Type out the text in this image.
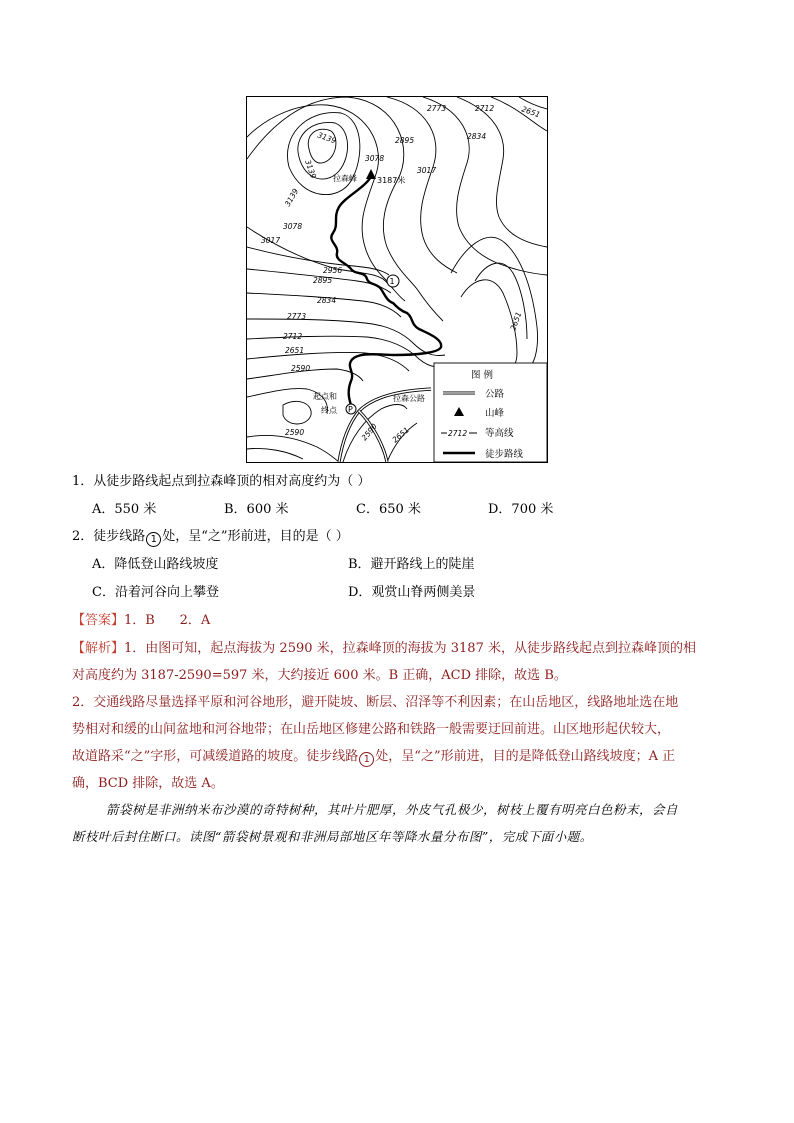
拉森峰	3187米
1
P
起点和
终点
拉森公路
3139
3139
3139
3078
3078
3017
3017
2956
2895
2895
2834
2834
2773
2773
2712
2712
2651
2651
2651
2590
2590	2590 2651
图 例
公路
山峰
2712 等高线
徒步路线
1．从徒步路线起点到拉森峰顶的相对高度约为（ ）
A．550 米	B．600 米	C．650 米	D．700 米
2．徒步线路 1 处，呈“之”形前进，目的是（ ）
A．降低登山路线坡度	B．避开路线上的陡崖
C．沿着河谷向上攀登	D．观赏山脊两侧美景
【答案】1．B      2．A
【解析】1．由图可知，起点海拔为 2590 米，拉森峰顶的海拔为 3187 米，从徒步路线起点到拉森峰顶的相
对高度约为 3187-2590=597 米，大约接近 600 米。B 正确，ACD 排除，故选 B。
2．交通线路尽量选择平原和河谷地形，避开陡坡、断层、沼泽等不利因素；在山岳地区，线路地址选在地
势相对和缓的山间盆地和河谷地带；在山岳地区修建公路和铁路一般需要迂回前进。山区地形起伏较大，
故道路采“之”字形，可减缓道路的坡度。徒步线路 1 处，呈“之”形前进，目的是降低登山路线坡度；A 正
确，BCD 排除，故选 A。
箭袋树是非洲纳米布沙漠的奇特树种，其叶片肥厚，外皮气孔极少，树枝上覆有明亮白色粉末，会自
断枝叶后封住断口。读图“箭袋树景观和非洲局部地区年等降水量分布图”，完成下面小题。
